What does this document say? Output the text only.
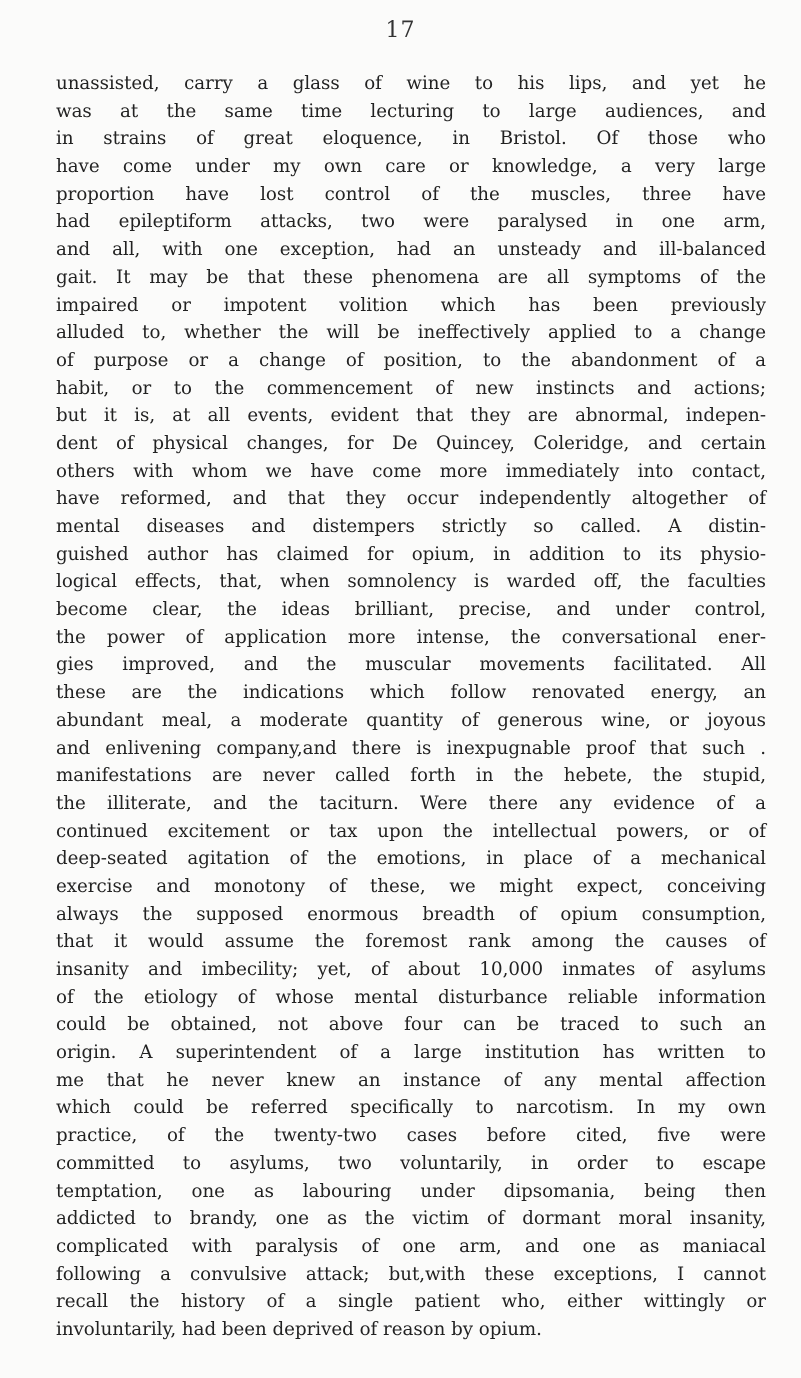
17
unassisted, carry a glass of wine to his lips, and yet he
was at the same time lecturing to large audiences, and
in strains of great eloquence, in Bristol. Of those who
have come under my own care or knowledge, a very large
proportion have lost control of the muscles, three have
had epileptiform attacks, two were paralysed in one arm,
and all, with one exception, had an unsteady and ill-balanced
gait. It may be that these phenomena are all symptoms of the
impaired or impotent volition which has been previously
alluded to, whether the will be ineffectively applied to a change
of purpose or a change of position, to the abandonment of a
habit, or to the commencement of new instincts and actions;
but it is, at all events, evident that they are abnormal, indepen-
dent of physical changes, for De Quincey, Coleridge, and certain
others with whom we have come more immediately into contact,
have reformed, and that they occur independently altogether of
mental diseases and distempers strictly so called. A distin-
guished author has claimed for opium, in addition to its physio-
logical effects, that, when somnolency is warded off, the faculties
become clear, the ideas brilliant, precise, and under control,
the power of application more intense, the conversational ener-
gies improved, and the muscular movements facilitated. All
these are the indications which follow renovated energy, an
abundant meal, a moderate quantity of generous wine, or joyous
and enlivening company,and there is inexpugnable proof that such .
manifestations are never called forth in the hebete, the stupid,
the illiterate, and the taciturn. Were there any evidence of a
continued excitement or tax upon the intellectual powers, or of
deep-seated agitation of the emotions, in place of a mechanical
exercise and monotony of these, we might expect, conceiving
always the supposed enormous breadth of opium consumption,
that it would assume the foremost rank among the causes of
insanity and imbecility; yet, of about 10,000 inmates of asylums
of the etiology of whose mental disturbance reliable information
could be obtained, not above four can be traced to such an
origin. A superintendent of a large institution has written to
me that he never knew an instance of any mental affection
which could be referred specifically to narcotism. In my own
practice, of the twenty-two cases before cited, five were
committed to asylums, two voluntarily, in order to escape
temptation, one as labouring under dipsomania, being then
addicted to brandy, one as the victim of dormant moral insanity,
complicated with paralysis of one arm, and one as maniacal
following a convulsive attack; but,with these exceptions, I cannot
recall the history of a single patient who, either wittingly or
involuntarily, had been deprived of reason by opium.
